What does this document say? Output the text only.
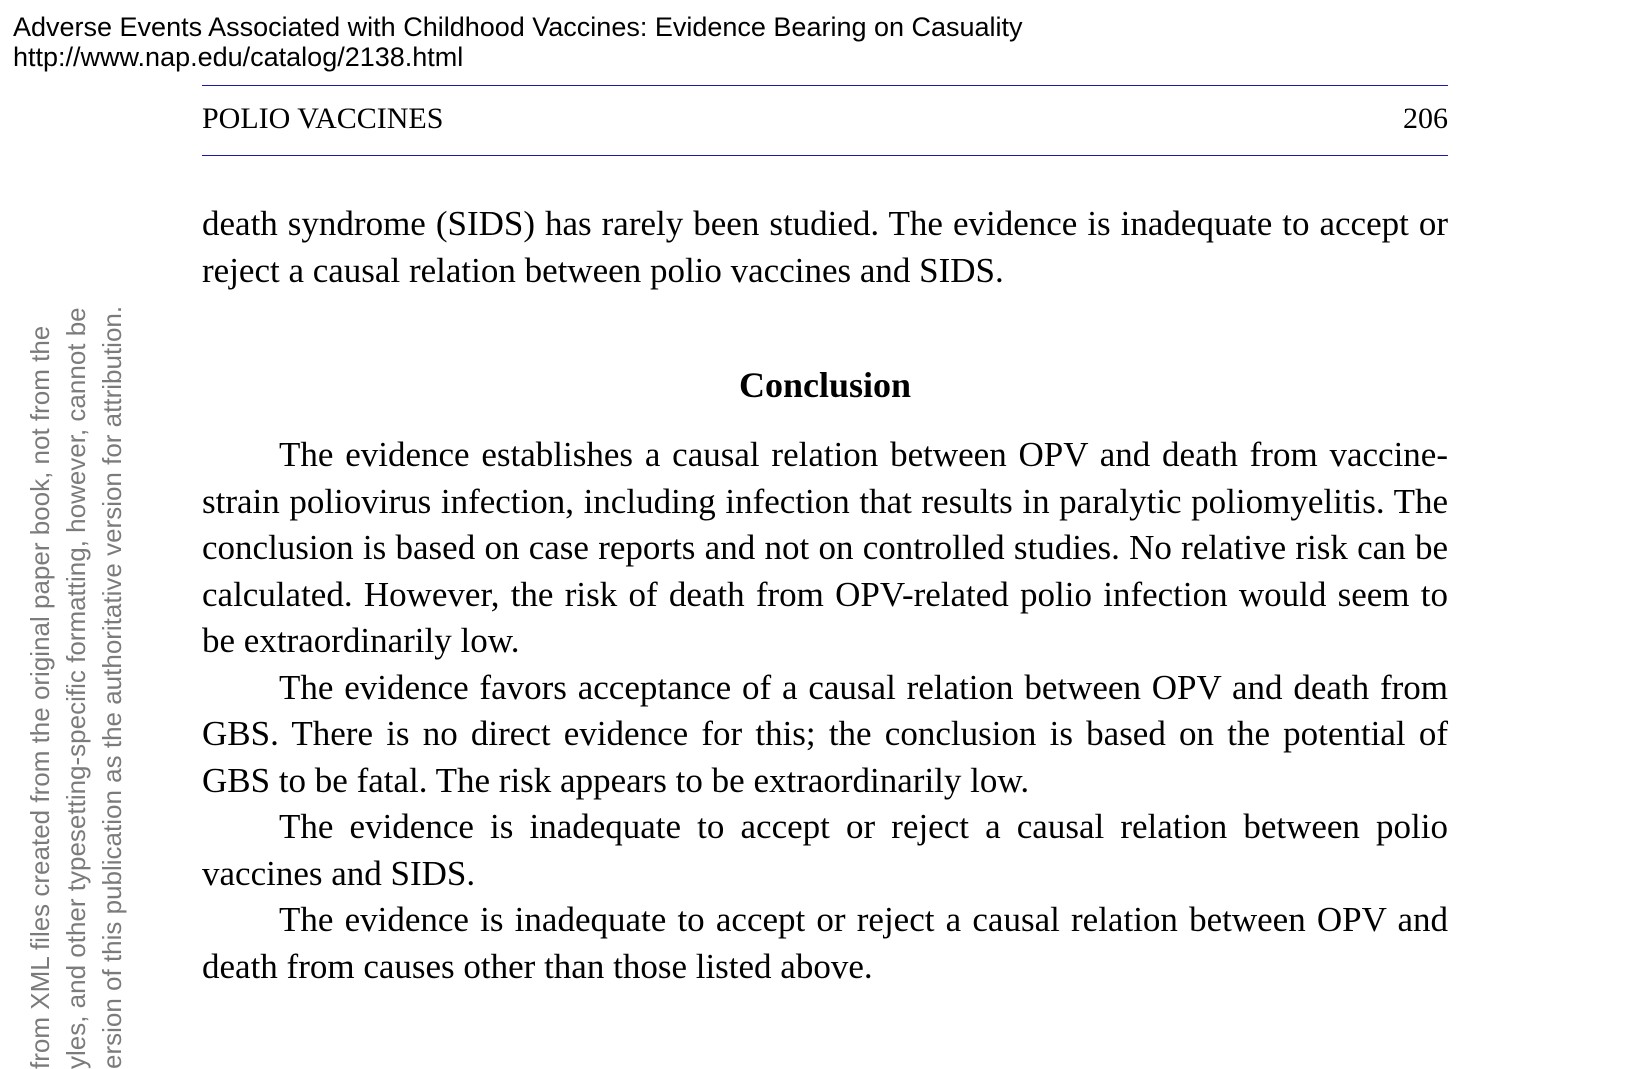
Adverse Events Associated with Childhood Vaccines: Evidence Bearing on Casuality
http://www.nap.edu/catalog/2138.html
from XML files created from the original paper book, not from the yles, and other typesetting-specific formatting, however, cannot be ersion of this publication as the authoritative version for attribution.
POLIO VACCINES	206

death syndrome (SIDS) has rarely been studied. The evidence is inadequate to accept or reject a causal relation between polio vaccines and SIDS.

Conclusion

The evidence establishes a causal relation between OPV and death from vaccine-strain poliovirus infection, including infection that results in paralytic poliomyelitis. The conclusion is based on case reports and not on controlled studies. No relative risk can be calculated. However, the risk of death from OPV-related polio infection would seem to be extraordinarily low.

The evidence favors acceptance of a causal relation between OPV and death from GBS. There is no direct evidence for this; the conclusion is based on the potential of GBS to be fatal. The risk appears to be extraordinarily low.

The evidence is inadequate to accept or reject a causal relation between polio vaccines and SIDS.

The evidence is inadequate to accept or reject a causal relation between OPV and death from causes other than those listed above.
